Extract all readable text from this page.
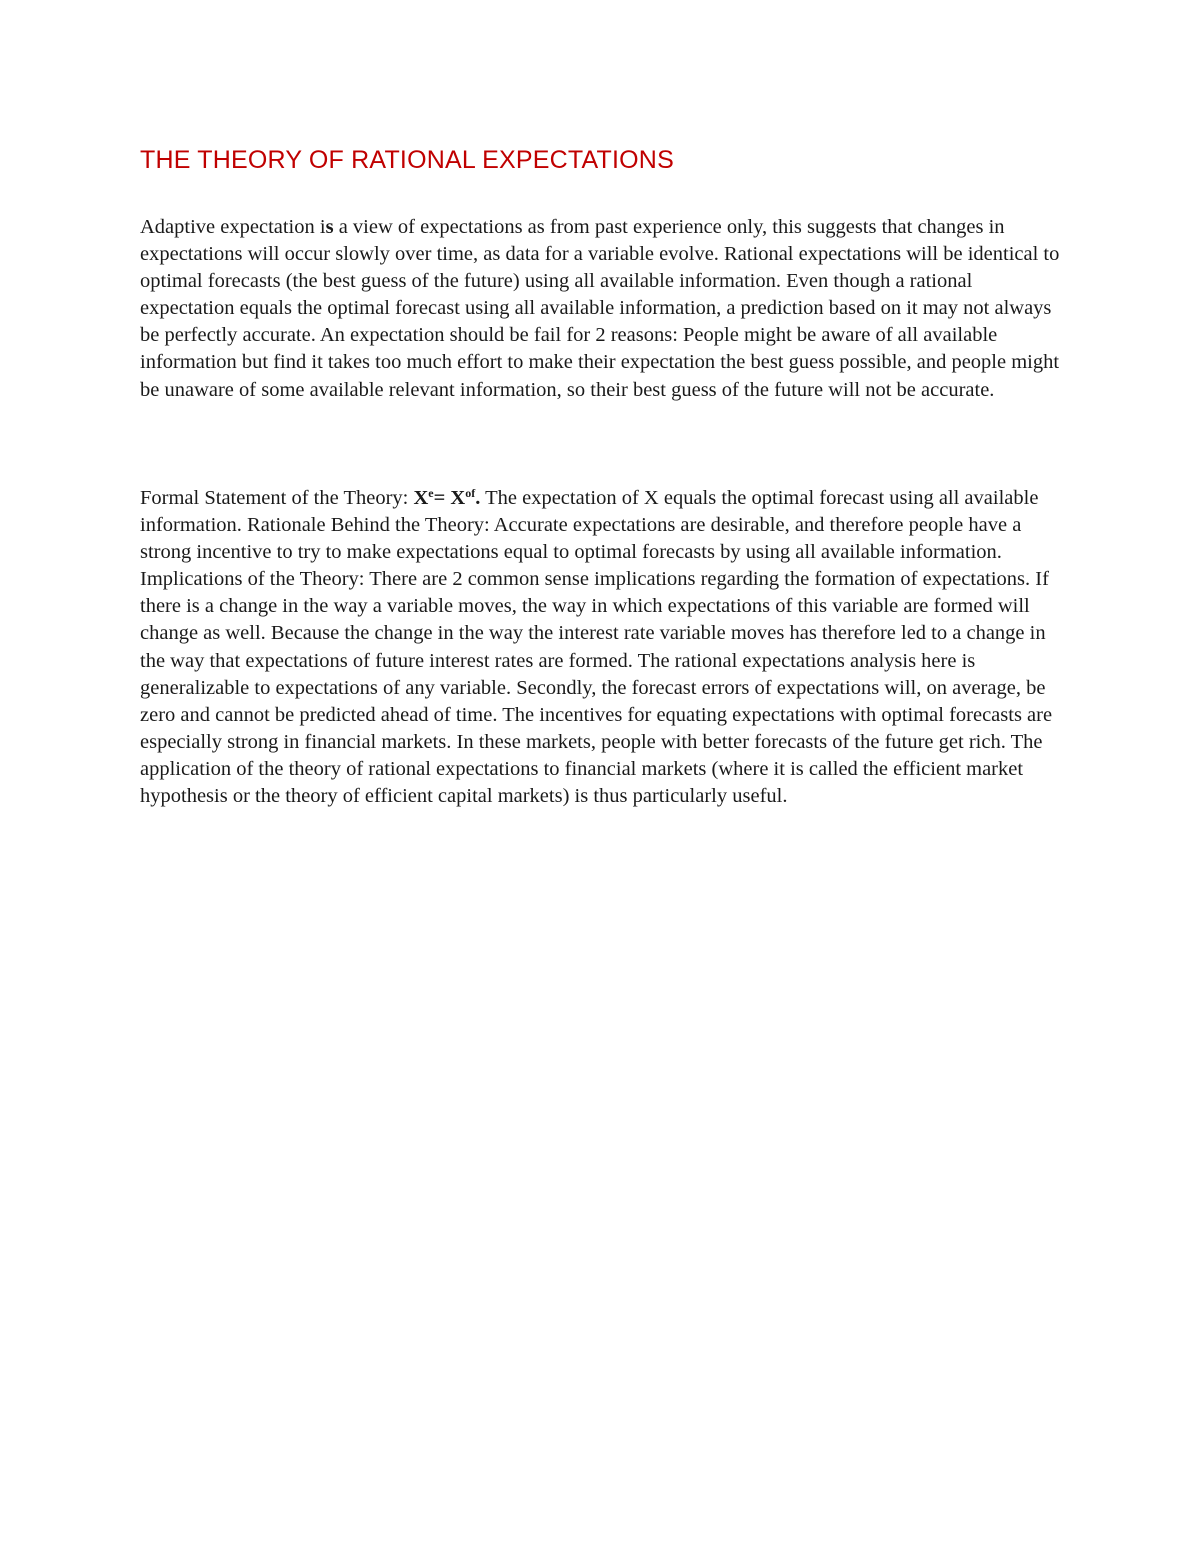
THE THEORY OF RATIONAL EXPECTATIONS

Adaptive expectation is a view of expectations as from past experience only, this suggests that changes in expectations will occur slowly over time, as data for a variable evolve. Rational expectations will be identical to optimal forecasts (the best guess of the future) using all available information. Even though a rational expectation equals the optimal forecast using all available information, a prediction based on it may not always be perfectly accurate. An expectation should be fail for 2 reasons: People might be aware of all available information but find it takes too much effort to make their expectation the best guess possible, and people might be unaware of some available relevant information, so their best guess of the future will not be accurate.

Formal Statement of the Theory: $X^e= X^{of}$. The expectation of X equals the optimal forecast using all available information. Rationale Behind the Theory: Accurate expectations are desirable, and therefore people have a strong incentive to try to make expectations equal to optimal forecasts by using all available information. Implications of the Theory: There are 2 common sense implications regarding the formation of expectations. If there is a change in the way a variable moves, the way in which expectations of this variable are formed will change as well. Because the change in the way the interest rate variable moves has therefore led to a change in the way that expectations of future interest rates are formed. The rational expectations analysis here is generalizable to expectations of any variable. Secondly, the forecast errors of expectations will, on average, be zero and cannot be predicted ahead of time. The incentives for equating expectations with optimal forecasts are especially strong in financial markets. In these markets, people with better forecasts of the future get rich. The application of the theory of rational expectations to financial markets (where it is called the efficient market hypothesis or the theory of efficient capital markets) is thus particularly useful.
